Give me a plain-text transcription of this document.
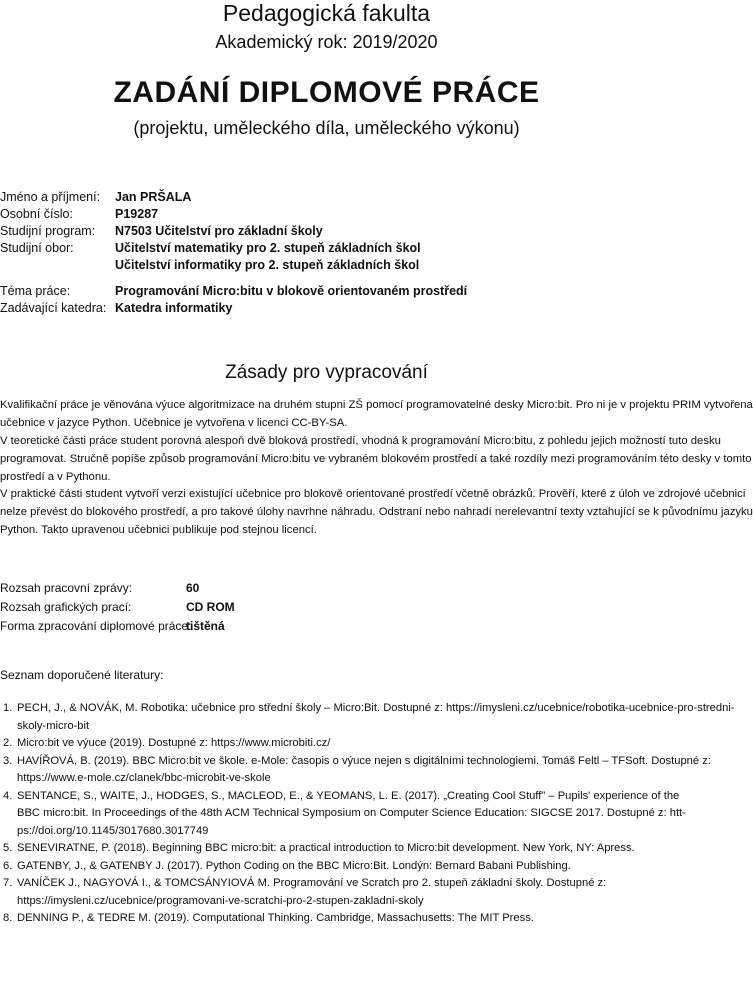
Pedagogická fakulta
Akademický rok: 2019/2020
ZADÁNÍ DIPLOMOVÉ PRÁCE
(projektu, uměleckého díla, uměleckého výkonu)
Jméno a příjmení: Jan PRŠALA
Osobní číslo:	P19287
Studijní program: N7503 Učitelství pro základní školy
Studijní obor:	Učitelství matematiky pro 2. stupeň základních škol
Učitelství informatiky pro 2. stupeň základních škol
Téma práce:	Programování Micro:bitu v blokově orientovaném prostředí
Zadávající katedra: Katedra informatiky
Zásady pro vypracování
Kvalifikační práce je věnována výuce algoritmizace na druhém stupni ZŠ pomocí programovatelné desky Micro:bit. Pro ni je v projektu PRIM vytvořena
učebnice v jazyce Python. Učebnice je vytvořena v licenci CC-BY-SA.
V teoretické části práce student porovná alespoň dvě bloková prostředí, vhodná k programování Micro:bitu, z pohledu jejich možností tuto desku
programovat. Stručně popíše způsob programování Micro:bitu ve vybraném blokovém prostředí a také rozdíly mezi programováním této desky v tomto
prostředí a v Pythonu.
V praktické části student vytvoří verzi existující učebnice pro blokově orientované prostředí včetně obrázků. Prověří, které z úloh ve zdrojové učebnici
nelze převést do blokového prostředí, a pro takové úlohy navrhne náhradu. Odstraní nebo nahradí nerelevantní texty vztahující se k původnímu jazyku
Python. Takto upravenou učebnici publikuje pod stejnou licencí.
Rozsah pracovní zprávy:	60
Rozsah grafických prací:	CD ROM
Forma zpracování diplomové práce:
tištěná
Seznam doporučené literatury:
1. PECH, J., & NOVÁK, M. Robotika: učebnice pro střední školy – Micro:Bit. Dostupné z: https://imysleni.cz/ucebnice/robotika-ucebnice-pro-stredni-
skoly-micro-bit
2. Micro:bit ve výuce (2019). Dostupné z: https://www.microbiti.cz/
3. HAVÍŘOVÁ, B. (2019). BBC Micro:bit ve škole. e-Mole: časopis o výuce nejen s digitálními technologiemi. Tomáš Feltl – TFSoft. Dostupné z:
https://www.e-mole.cz/clanek/bbc-microbit-ve-skole
4. SENTANCE, S., WAITE, J., HODGES, S., MACLEOD, E., & YEOMANS, L. E. (2017). „Creating Cool Stuff" – Pupils' experience of the
BBC micro:bit. In Proceedings of the 48th ACM Technical Symposium on Computer Science Education: SIGCSE 2017. Dostupné z: htt-
ps://doi.org/10.1145/3017680.3017749
5. SENEVIRATNE, P. (2018). Beginning BBC micro:bit: a practical introduction to Micro:bit development. New York, NY: Apress.
6. GATENBY, J., & GATENBY J. (2017). Python Coding on the BBC Micro:Bit. Londýn: Bernard Babani Publishing.
7. VANÍČEK J., NAGYOVÁ I., & TOMCSÁNYIOVÁ M. Programování ve Scratch pro 2. stupeň základní školy. Dostupné z:
https://imysleni.cz/ucebnice/programovani-ve-scratchi-pro-2-stupen-zakladni-skoly
8. DENNING P., & TEDRE M. (2019). Computational Thinking. Cambridge, Massachusetts: The MIT Press.
